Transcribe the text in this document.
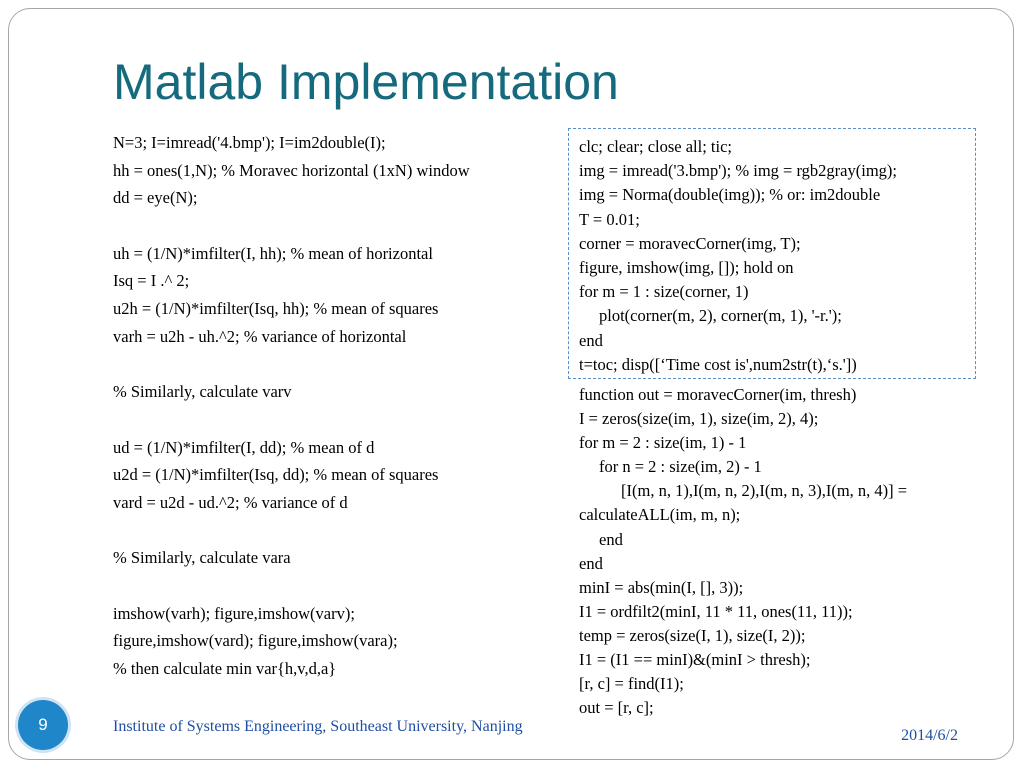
Matlab Implementation
N=3; I=imread('4.bmp'); I=im2double(I);
hh = ones(1,N); % Moravec horizontal (1xN) window
dd = eye(N);
uh = (1/N)*imfilter(I, hh); % mean of horizontal
Isq = I .^ 2;
u2h = (1/N)*imfilter(Isq, hh); % mean of squares
varh = u2h - uh.^2; % variance of horizontal
% Similarly, calculate varv
ud = (1/N)*imfilter(I, dd); % mean of d
u2d = (1/N)*imfilter(Isq, dd); % mean of squares
vard = u2d - ud.^2; % variance of d
% Similarly, calculate vara
imshow(varh); figure,imshow(varv);
figure,imshow(vard); figure,imshow(vara);
% then calculate min var{h,v,d,a}
clc; clear; close all; tic;
img = imread('3.bmp'); % img = rgb2gray(img);
img = Norma(double(img)); % or: im2double
T = 0.01;
corner = moravecCorner(img, T);
figure, imshow(img, []); hold on
for m = 1 : size(corner, 1)
plot(corner(m, 2), corner(m, 1), '-r.');
end
t=toc; disp([‘Time cost is',num2str(t),‘s.'])
function out = moravecCorner(im, thresh)
I = zeros(size(im, 1), size(im, 2), 4);
for m = 2 : size(im, 1) - 1
for n = 2 : size(im, 2) - 1
[I(m, n, 1),I(m, n, 2),I(m, n, 3),I(m, n, 4)] =
calculateALL(im, m, n);
end
end
minI = abs(min(I, [], 3));
I1 = ordfilt2(minI, 11 * 11, ones(11, 11));
temp = zeros(size(I, 1), size(I, 2));
I1 = (I1 == minI)&(minI > thresh);
[r, c] = find(I1);
out = [r, c];
9	Institute of Systems Engineering, Southeast University, Nanjing
2014/6/2
